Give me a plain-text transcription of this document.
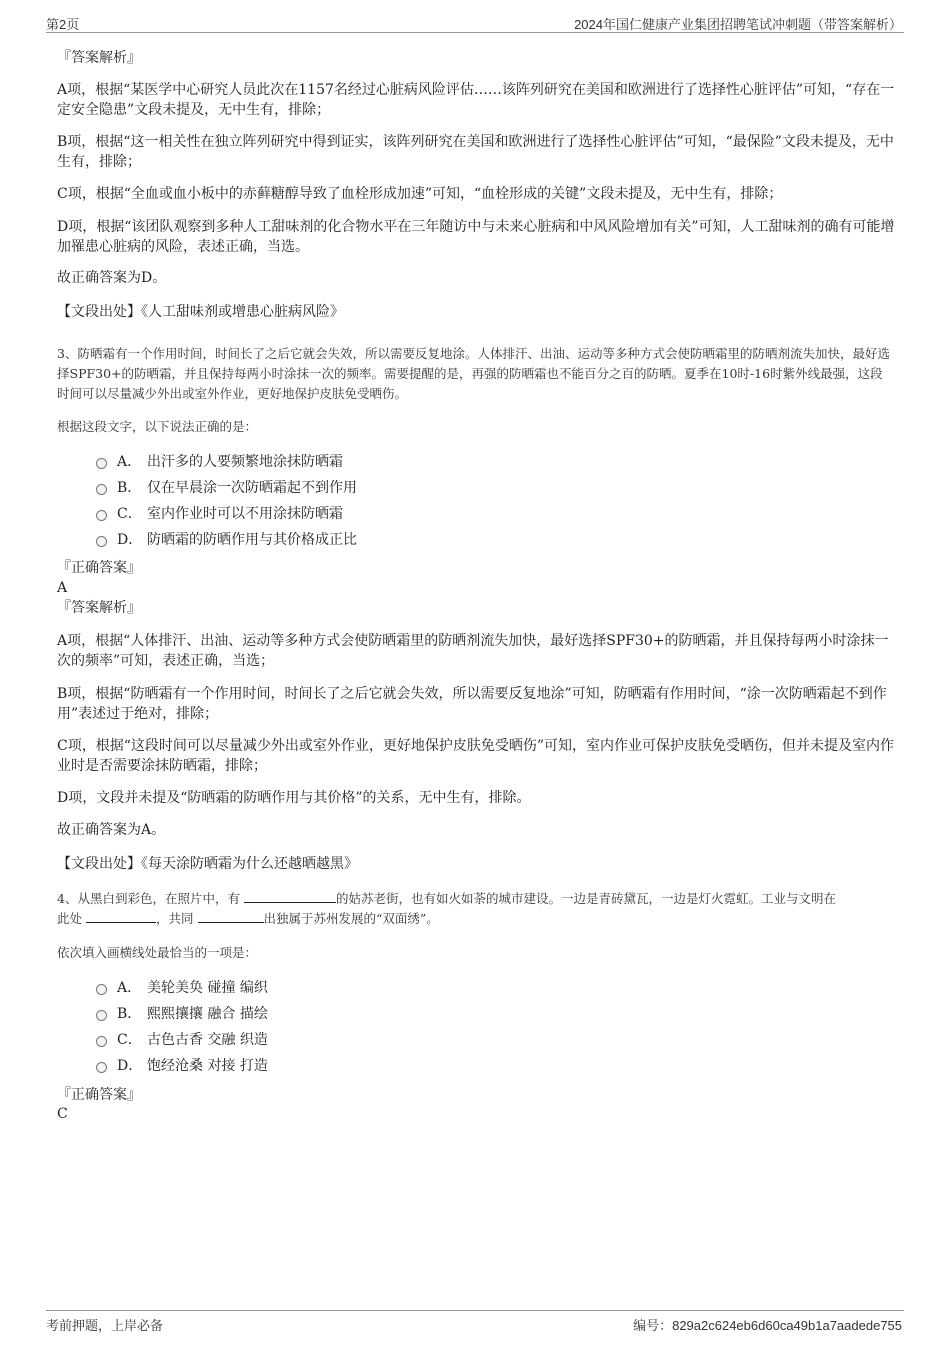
第2页	2024年国仁健康产业集团招聘笔试冲刺题（带答案解析）

『答案解析』

A项，根据“某医学中心研究人员此次在1157名经过心脏病风险评估……该阵列研究在美国和欧洲进行了选择性心脏评估”可知，“存在一定安全隐患”文段未提及，无中生有，排除；

B项，根据“这一相关性在独立阵列研究中得到证实，该阵列研究在美国和欧洲进行了选择性心脏评估”可知，“最保险”文段未提及，无中生有，排除；

C项，根据“全血或血小板中的赤藓糖醇导致了血栓形成加速”可知，“血栓形成的关键”文段未提及，无中生有，排除；

D项，根据“该团队观察到多种人工甜味剂的化合物水平在三年随访中与未来心脏病和中风风险增加有关”可知，人工甜味剂的确有可能增加罹患心脏病的风险，表述正确，当选。

故正确答案为D。

【文段出处】《人工甜味剂或增患心脏病风险》

3、防晒霜有一个作用时间，时间长了之后它就会失效，所以需要反复地涂。人体排汗、出油、运动等多种方式会使防晒霜里的防晒剂流失加快，最好选择SPF30+的防晒霜，并且保持每两小时涂抹一次的频率。需要提醒的是，再强的防晒霜也不能百分之百的防晒。夏季在10时-16时紫外线最强，这段时间可以尽量减少外出或室外作业，更好地保护皮肤免受晒伤。

根据这段文字，以下说法正确的是：

A． 出汗多的人要频繁地涂抹防晒霜
B． 仅在早晨涂一次防晒霜起不到作用
C． 室内作业时可以不用涂抹防晒霜
D． 防晒霜的防晒作用与其价格成正比

『正确答案』

A

『答案解析』

A项，根据“人体排汗、出油、运动等多种方式会使防晒霜里的防晒剂流失加快，最好选择SPF30+的防晒霜，并且保持每两小时涂抹一次的频率”可知，表述正确，当选；

B项，根据“防晒霜有一个作用时间，时间长了之后它就会失效，所以需要反复地涂”可知，防晒霜有作用时间，“涂一次防晒霜起不到作用”表述过于绝对，排除；

C项，根据“这段时间可以尽量减少外出或室外作业，更好地保护皮肤免受晒伤”可知，室内作业可保护皮肤免受晒伤，但并未提及室内作业时是否需要涂抹防晒霜，排除；

D项，文段并未提及“防晒霜的防晒作用与其价格”的关系，无中生有，排除。

故正确答案为A。

【文段出处】《每天涂防晒霜为什么还越晒越黑》

4、从黑白到彩色，在照片中，有	的姑苏老街，也有如火如荼的城市建设。一边是青砖黛瓦，一边是灯火霓虹。工业与文明在
此处	，共同	出独属于苏州发展的“双面绣”。

依次填入画横线处最恰当的一项是：

A． 美轮美奂 碰撞 编织
B． 熙熙攘攘 融合 描绘
C． 古色古香 交融 织造
D． 饱经沧桑 对接 打造

『正确答案』

C

考前押题，上岸必备	编号：829a2c624eb6d60ca49b1a7aadede755
